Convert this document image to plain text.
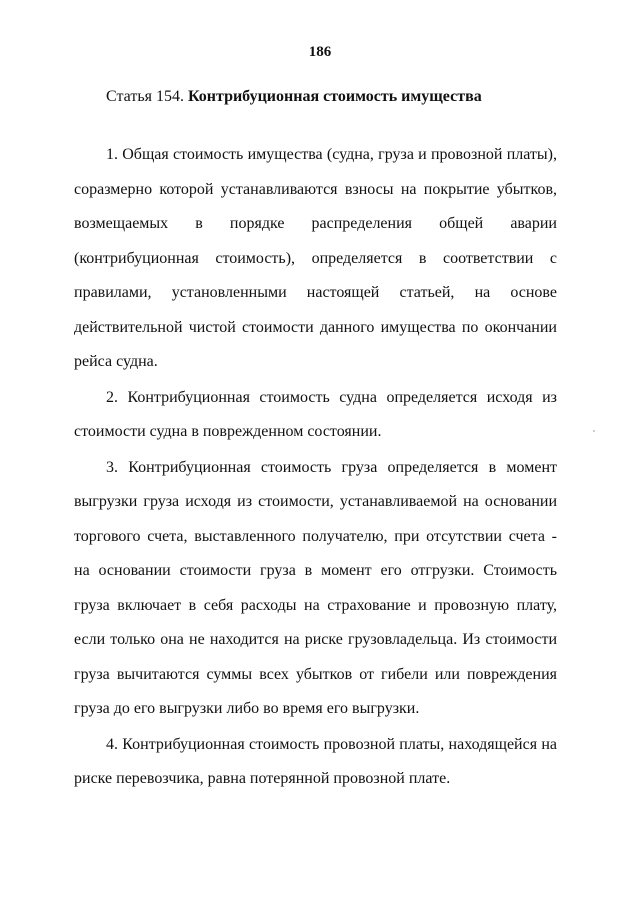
186
Статья 154. Контрибуционная стоимость имущества

1. Общая стоимость имущества (судна, груза и провозной платы), соразмерно которой устанавливаются взносы на покрытие убытков, возмещаемых в порядке распределения общей аварии (контрибуционная стоимость), определяется в соответствии с правилами, установленными настоящей статьей, на основе действительной чистой стоимости данного имущества по окончании рейса судна.

2. Контрибуционная стоимость судна определяется исходя из стоимости судна в поврежденном состоянии.

3. Контрибуционная стоимость груза определяется в момент выгрузки груза исходя из стоимости, устанавливаемой на основании торгового счета, выставленного получателю, при отсутствии счета - на основании стоимости груза в момент его отгрузки. Стоимость груза включает в себя расходы на страхование и провозную плату, если только она не находится на риске грузовладельца. Из стоимости груза вычитаются суммы всех убытков от гибели или повреждения груза до его выгрузки либо во время его выгрузки.

4. Контрибуционная стоимость провозной платы, находящейся на риске перевозчика, равна потерянной провозной плате.
